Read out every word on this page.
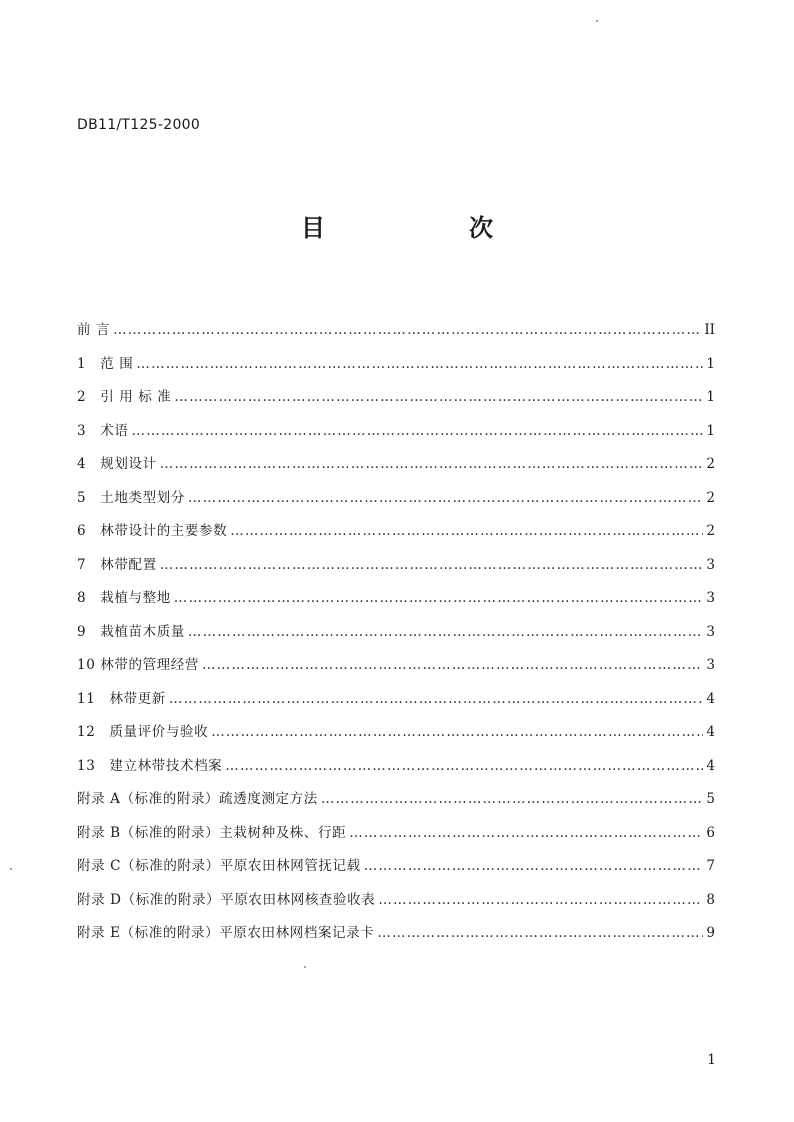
DB11/T125-2000
目　次
前 言 …………………………………………………………………………………………………………………………………………………………………………………………	II
1　范 围 …………………………………………………………………………………………………………………………………………………………………………………………	1
2　引 用 标 准 …………………………………………………………………………………………………………………………………………………………………………………………	1
3　术语 …………………………………………………………………………………………………………………………………………………………………………………………	1
4　规划设计 …………………………………………………………………………………………………………………………………………………………………………………………	2
5　土地类型划分 …………………………………………………………………………………………………………………………………………………………………………………………	2
6　林带设计的主要参数 …………………………………………………………………………………………………………………………………………………………………………………………	2
7　林带配置 …………………………………………………………………………………………………………………………………………………………………………………………	3
8　栽植与整地 …………………………………………………………………………………………………………………………………………………………………………………………	3
9　栽植苗木质量 …………………………………………………………………………………………………………………………………………………………………………………………	3
10 林带的管理经营 …………………………………………………………………………………………………………………………………………………………………………………………	3
11　林带更新 …………………………………………………………………………………………………………………………………………………………………………………………	4
12　质量评价与验收 …………………………………………………………………………………………………………………………………………………………………………………………	4
13　建立林带技术档案 …………………………………………………………………………………………………………………………………………………………………………………………	4
附录 A（标准的附录）疏透度测定方法 …………………………………………………………………………………………………………………………………………………………………………………………	5
附录 B（标准的附录）主栽树种及株、行距 …………………………………………………………………………………………………………………………………………………………………………………………	6
附录 C（标准的附录）平原农田林网管抚记载 …………………………………………………………………………………………………………………………………………………………………………………………	7
附录 D（标准的附录）平原农田林网核查验收表 …………………………………………………………………………………………………………………………………………………………………………………………	8
附录 E（标准的附录）平原农田林网档案记录卡 …………………………………………………………………………………………………………………………………………………………………………………………	9
1
